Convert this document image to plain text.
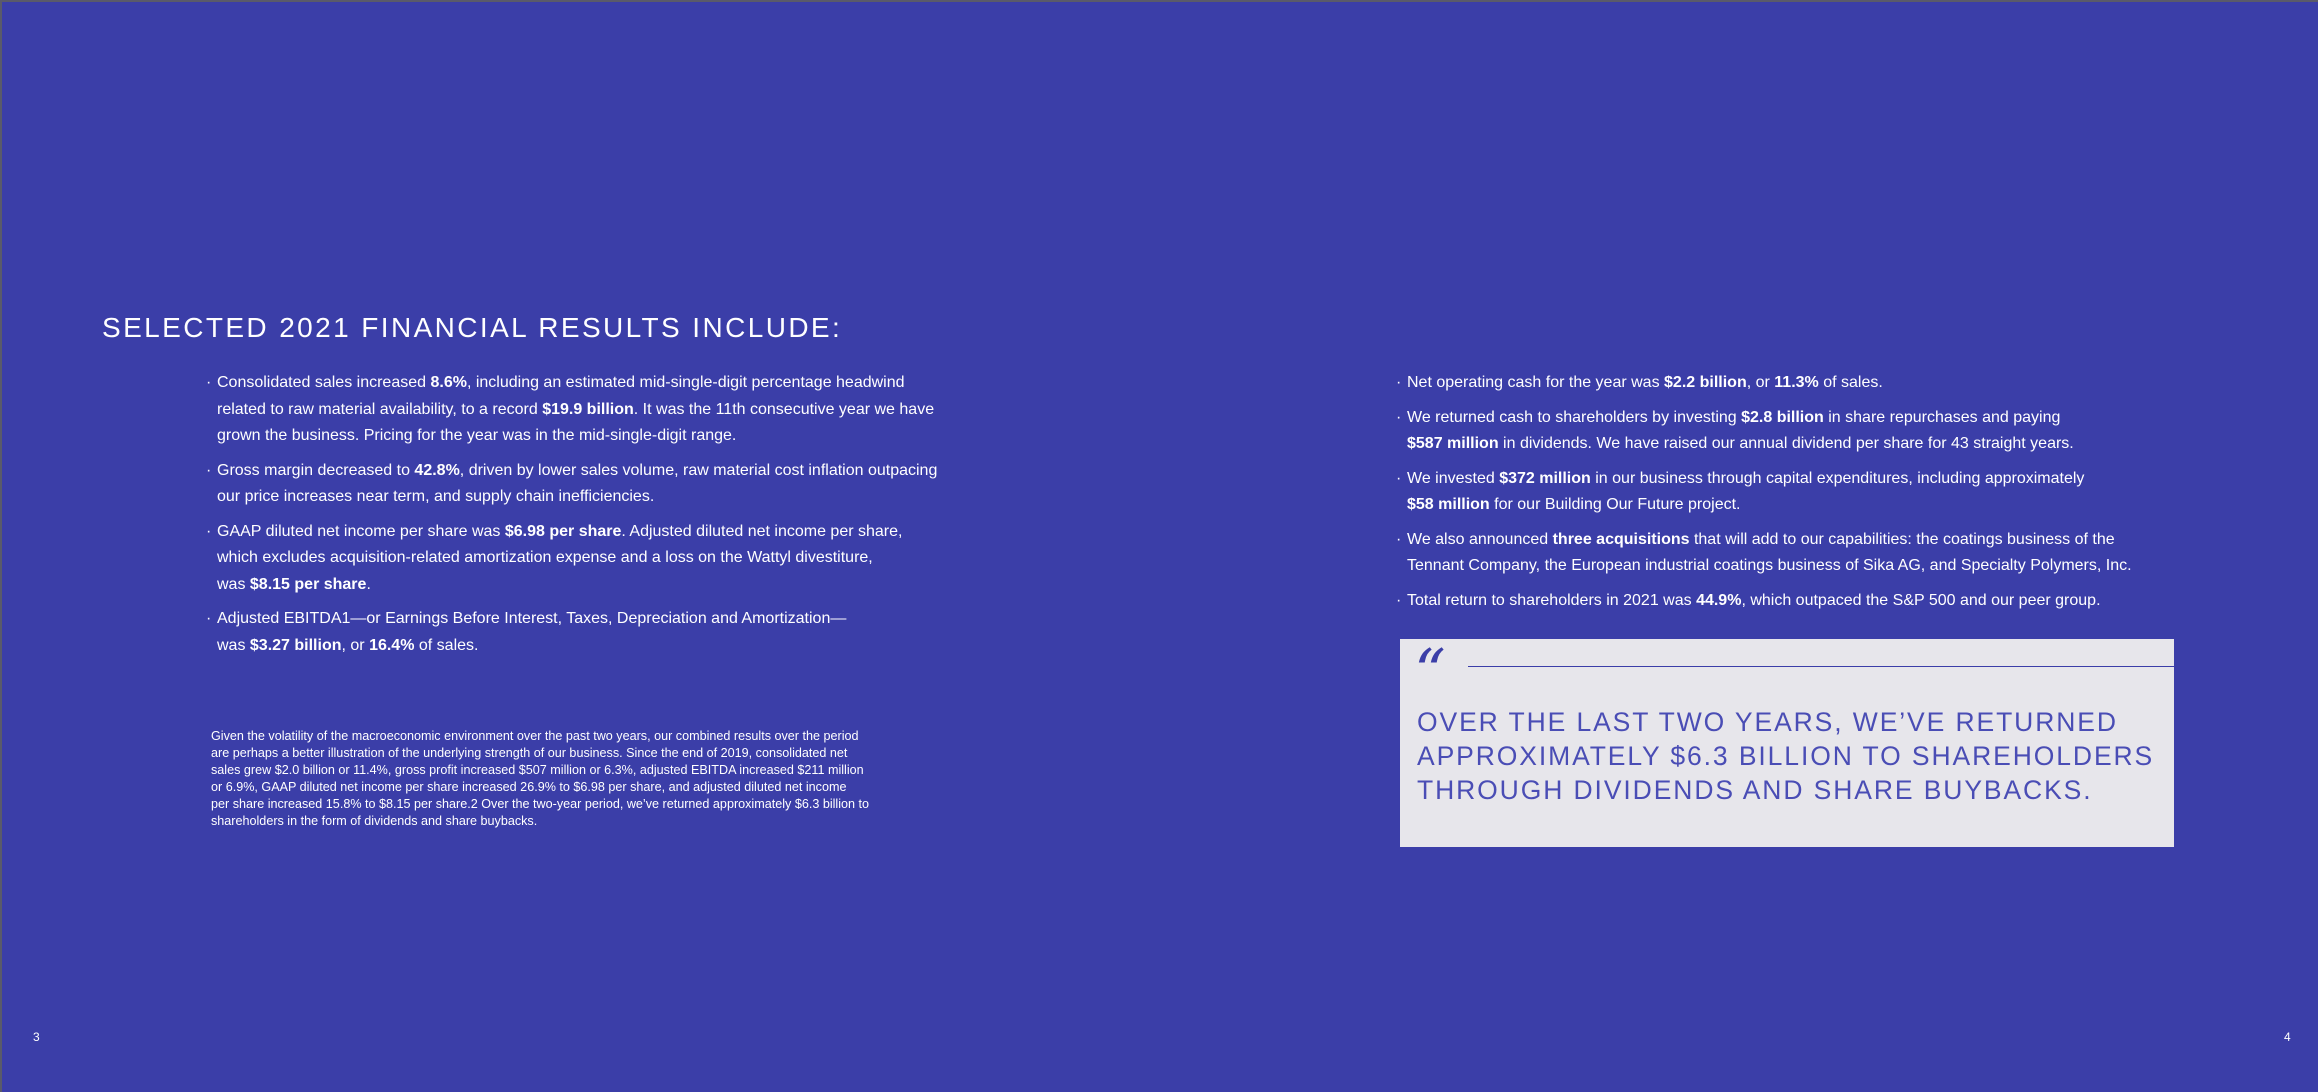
SELECTED 2021 FINANCIAL RESULTS INCLUDE:
· Consolidated sales increased 8.6%, including an estimated mid-single-digit percentage headwind
related to raw material availability, to a record $19.9 billion. It was the 11th consecutive year we have
grown the business. Pricing for the year was in the mid-single-digit range.
· Gross margin decreased to 42.8%, driven by lower sales volume, raw material cost inflation outpacing
our price increases near term, and supply chain inefficiencies.
· GAAP diluted net income per share was $6.98 per share. Adjusted diluted net income per share,
which excludes acquisition-related amortization expense and a loss on the Wattyl divestiture,
was $8.15 per share.
· Adjusted EBITDA1—or Earnings Before Interest, Taxes, Depreciation and Amortization—
was $3.27 billion, or 16.4% of sales.

Given the volatility of the macroeconomic environment over the past two years, our combined results over the period
are perhaps a better illustration of the underlying strength of our business. Since the end of 2019, consolidated net
sales grew $2.0 billion or 11.4%, gross profit increased $507 million or 6.3%, adjusted EBITDA increased $211 million
or 6.9%, GAAP diluted net income per share increased 26.9% to $6.98 per share, and adjusted diluted net income
per share increased 15.8% to $8.15 per share.2 Over the two-year period, we’ve returned approximately $6.3 billion to
shareholders in the form of dividends and share buybacks.

· Net operating cash for the year was $2.2 billion, or 11.3% of sales.
· We returned cash to shareholders by investing $2.8 billion in share repurchases and paying
$587 million in dividends. We have raised our annual dividend per share for 43 straight years.
· We invested $372 million in our business through capital expenditures, including approximately
$58 million for our Building Our Future project.
· We also announced three acquisitions that will add to our capabilities: the coatings business of the
Tennant Company, the European industrial coatings business of Sika AG, and Specialty Polymers, Inc.
· Total return to shareholders in 2021 was 44.9%, which outpaced the S&P 500 and our peer group.
“

OVER THE LAST TWO YEARS, WE’VE RETURNED
APPROXIMATELY $6.3 BILLION TO SHAREHOLDERS
THROUGH DIVIDENDS AND SHARE BUYBACKS.

3	4
